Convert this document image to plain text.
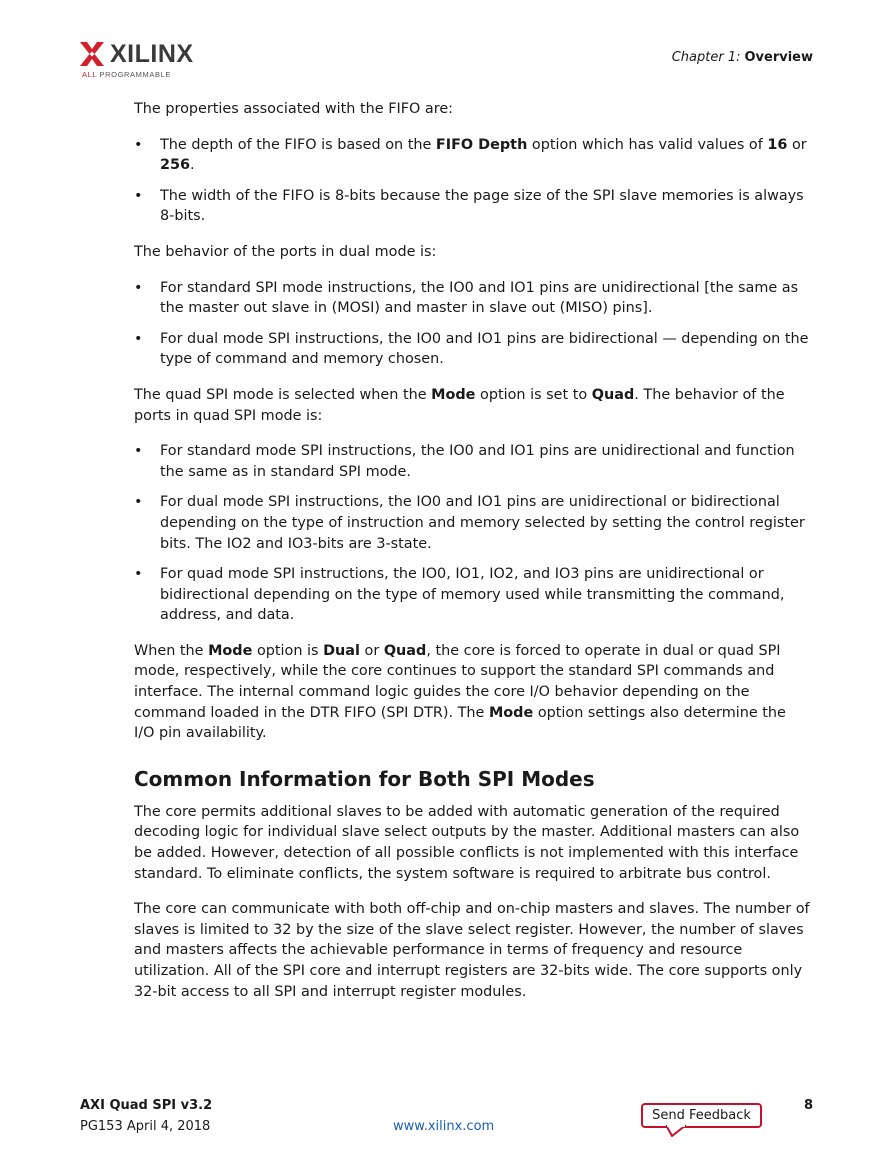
XILINX
ALL PROGRAMMABLE
Chapter 1: Overview

The properties associated with the FIFO are:

• The depth of the FIFO is based on the FIFO Depth option which has valid values of 16 or 256.
• The width of the FIFO is 8-bits because the page size of the SPI slave memories is always 8-bits.

The behavior of the ports in dual mode is:

• For standard SPI mode instructions, the IO0 and IO1 pins are unidirectional [the same as the master out slave in (MOSI) and master in slave out (MISO) pins].
• For dual mode SPI instructions, the IO0 and IO1 pins are bidirectional — depending on the type of command and memory chosen.

The quad SPI mode is selected when the Mode option is set to Quad. The behavior of the ports in quad SPI mode is:

• For standard mode SPI instructions, the IO0 and IO1 pins are unidirectional and function the same as in standard SPI mode.
• For dual mode SPI instructions, the IO0 and IO1 pins are unidirectional or bidirectional depending on the type of instruction and memory selected by setting the control register bits. The IO2 and IO3-bits are 3-state.
• For quad mode SPI instructions, the IO0, IO1, IO2, and IO3 pins are unidirectional or bidirectional depending on the type of memory used while transmitting the command, address, and data.

When the Mode option is Dual or Quad, the core is forced to operate in dual or quad SPI mode, respectively, while the core continues to support the standard SPI commands and interface. The internal command logic guides the core I/O behavior depending on the command loaded in the DTR FIFO (SPI DTR). The Mode option settings also determine the I/O pin availability.

Common Information for Both SPI Modes

The core permits additional slaves to be added with automatic generation of the required decoding logic for individual slave select outputs by the master. Additional masters can also be added. However, detection of all possible conflicts is not implemented with this interface standard. To eliminate conflicts, the system software is required to arbitrate bus control.

The core can communicate with both off-chip and on-chip masters and slaves. The number of slaves is limited to 32 by the size of the slave select register. However, the number of slaves and masters affects the achievable performance in terms of frequency and resource utilization. All of the SPI core and interrupt registers are 32-bits wide. The core supports only 32-bit access to all SPI and interrupt register modules.

AXI Quad SPI v3.2
PG153 April 4, 2018	www.xilinx.com
Send Feedback
8
